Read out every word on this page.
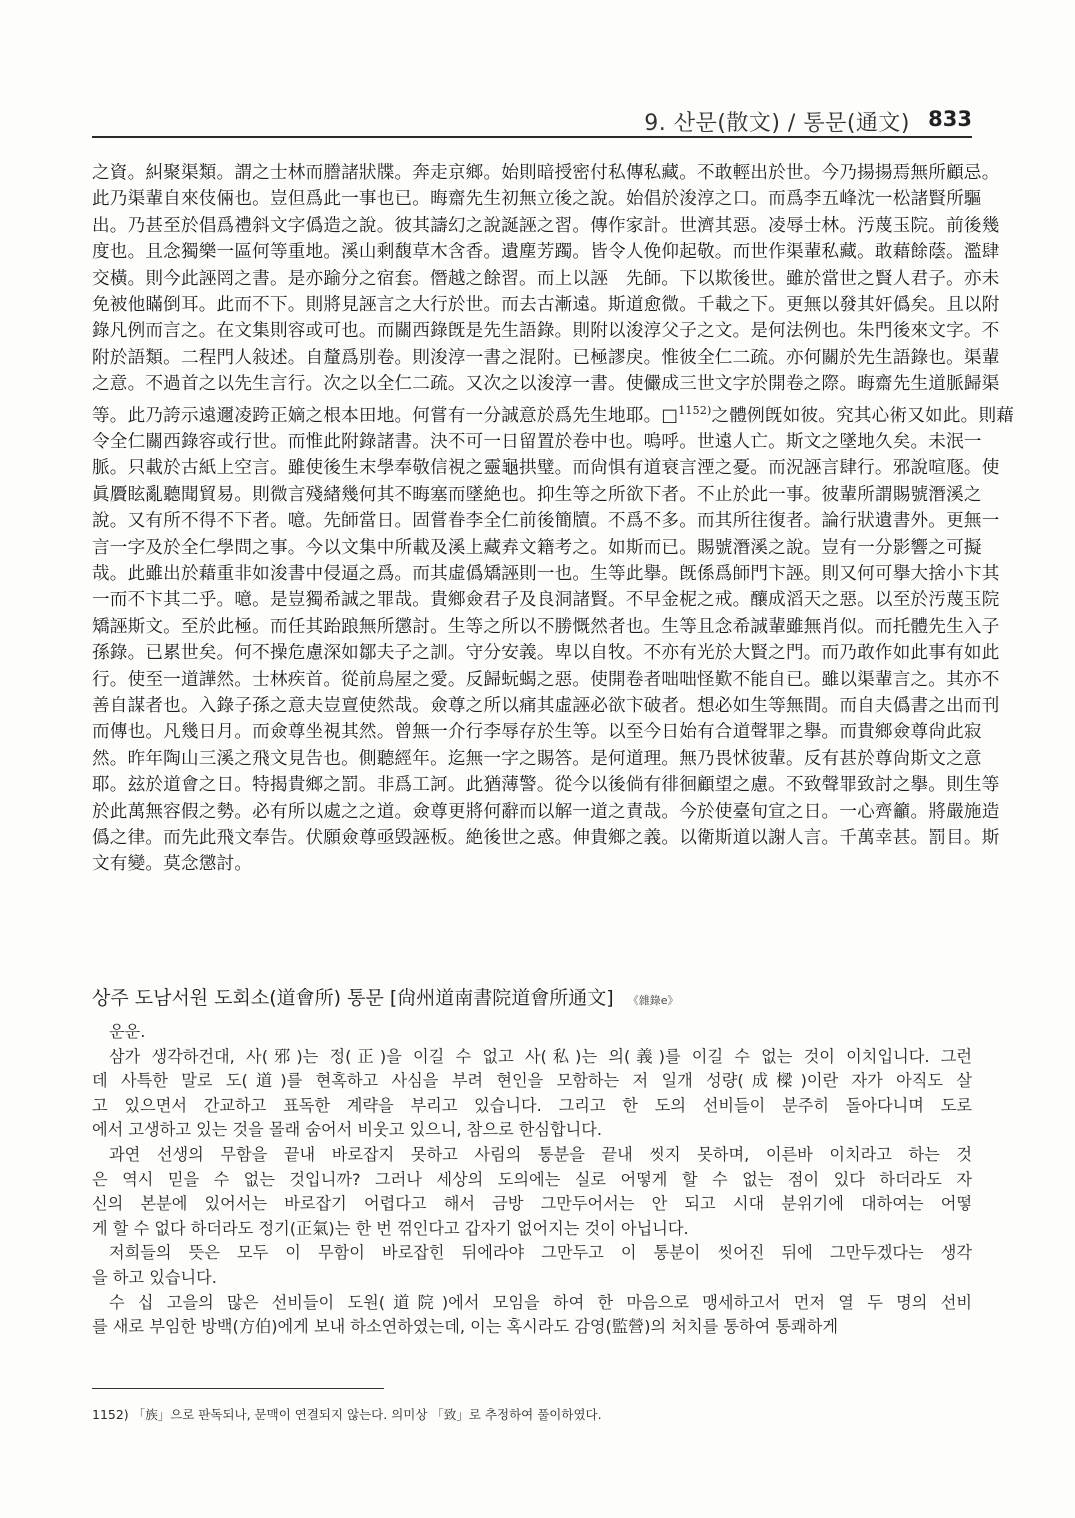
9. 산문(散文) / 통문(通文) 833
之資。糾聚渠類。謂之士林而謄諸狀牒。奔走京鄉。始則暗授密付私傳私藏。不敢輕出於世。今乃揚揚焉無所顧忌。
此乃渠輩自來伎倆也。豈但爲此一事也已。晦齋先生初無立後之說。始倡於浚淳之口。而爲李五峰沈一松諸賢所驅
出。乃甚至於倡爲禮斜文字僞造之說。彼其譸幻之說誕誣之習。傳作家計。世濟其惡。凌辱士林。汚蔑玉院。前後幾
度也。且念獨樂一區何等重地。溪山剩馥草木含香。遺塵芳躅。皆令人俛仰起敬。而世作渠輩私藏。敢藉餘蔭。濫肆
交橫。則今此誣罔之書。是亦踰分之宿套。僭越之餘習。而上以誣　先師。下以欺後世。雖於當世之賢人君子。亦未
免被他瞞倒耳。此而不下。則將見誣言之大行於世。而去古漸遠。斯道愈微。千載之下。更無以發其奸僞矣。且以附
錄凡例而言之。在文集則容或可也。而關西錄旣是先生語錄。則附以浚淳父子之文。是何法例也。朱門後來文字。不
附於語類。二程門人敍述。自釐爲別卷。則浚淳一書之混附。已極謬戾。惟彼全仁二疏。亦何關於先生語錄也。渠輩
之意。不過首之以先生言行。次之以全仁二疏。又次之以浚淳一書。使儼成三世文字於開卷之際。晦齋先生道脈歸渠
等。此乃誇示遠邇凌跨正嫡之根本田地。何嘗有一分誠意於爲先生地耶。□$^{1152)}$之體例旣如彼。究其心術又如此。則藉
令全仁關西錄容或行世。而惟此附錄諸書。決不可一日留置於卷中也。嗚呼。世遠人亡。斯文之墜地久矣。未泯一
脈。只載於古紙上空言。雖使後生末學奉敬信視之靈龜拱璧。而尙惧有道衰言湮之憂。而況誣言肆行。邪說喧豗。使
眞贗眩亂聽聞貿易。則微言殘緖幾何其不晦塞而墜絶也。抑生等之所欲下者。不止於此一事。彼輩所謂賜號潛溪之
說。又有所不得不下者。噫。先師當日。固嘗眷李全仁前後簡牘。不爲不多。而其所往復者。論行狀遺書外。更無一
言一字及於全仁學問之事。今以文集中所載及溪上藏弆文籍考之。如斯而已。賜號潛溪之說。豈有一分影響之可擬
哉。此雖出於藉重非如浚書中侵逼之爲。而其虛僞矯誣則一也。生等此擧。旣係爲師門卞誣。則又何可擧大捨小卞其
一而不卞其二乎。噫。是豈獨希誠之罪哉。貴鄉僉君子及良洞諸賢。不早金柅之戒。釀成滔天之惡。以至於汚蔑玉院
矯誣斯文。至於此極。而任其跆踉無所懲討。生等之所以不勝慨然者也。生等且念希誠輩雖無肖似。而托體先生入子
孫錄。已累世矣。何不操危慮深如鄒夫子之訓。守分安義。卑以自牧。不亦有光於大賢之門。而乃敢作如此事有如此
行。使至一道譁然。士林疾首。從前烏屋之愛。反歸蚖蝎之惡。使開卷者咄咄怪歎不能自已。雖以渠輩言之。其亦不
善自謀者也。入錄子孫之意夫豈亶使然哉。僉尊之所以痛其虛誣必欲卞破者。想必如生等無間。而自夫僞書之出而刊
而傳也。凡幾日月。而僉尊坐視其然。曾無一介行李辱存於生等。以至今日始有合道聲罪之擧。而貴鄉僉尊尙此寂
然。昨年陶山三溪之飛文見告也。側聽經年。迄無一字之賜答。是何道理。無乃畏怵彼輩。反有甚於尊尙斯文之意
耶。玆於道會之日。特揭貴鄉之罰。非爲工訶。此猶薄警。從今以後倘有徘徊顧望之慮。不致聲罪致討之擧。則生等
於此萬無容假之勢。必有所以處之之道。僉尊更將何辭而以解一道之責哉。今於使臺旬宣之日。一心齊籲。將嚴施造
僞之律。而先此飛文奉告。伏願僉尊亟毁誣板。絶後世之惑。伸貴鄉之義。以衛斯道以謝人言。千萬幸甚。罰目。斯
文有變。莫念懲討。
상주 도남서원 도회소(道會所) 통문 [尙州道南書院道會所通文] 《雜錄e》
운운.
삼가 생각하건대, 사(邪)는 정(正)을 이길 수 없고 사(私)는 의(義)를 이길 수 없는 것이 이치입니다. 그런
데 사특한 말로 도(道)를 현혹하고 사심을 부려 현인을 모함하는 저 일개 성량(成樑)이란 자가 아직도 살
고 있으면서 간교하고 표독한 계략을 부리고 있습니다. 그리고 한 도의 선비들이 분주히 돌아다니며 도로
에서 고생하고 있는 것을 몰래 숨어서 비웃고 있으니, 참으로 한심합니다.
과연 선생의 무함을 끝내 바로잡지 못하고 사림의 통분을 끝내 씻지 못하며, 이른바 이치라고 하는 것
은 역시 믿을 수 없는 것입니까? 그러나 세상의 도의에는 실로 어떻게 할 수 없는 점이 있다 하더라도 자
신의 본분에 있어서는 바로잡기 어렵다고 해서 금방 그만두어서는 안 되고 시대 분위기에 대하여는 어떻
게 할 수 없다 하더라도 정기(正氣)는 한 번 꺾인다고 갑자기 없어지는 것이 아닙니다.
저희들의 뜻은 모두 이 무함이 바로잡힌 뒤에라야 그만두고 이 통분이 씻어진 뒤에 그만두겠다는 생각
을 하고 있습니다.
수 십 고을의 많은 선비들이 도원(道院)에서 모임을 하여 한 마음으로 맹세하고서 먼저 열 두 명의 선비
를 새로 부임한 방백(方伯)에게 보내 하소연하였는데, 이는 혹시라도 감영(監營)의 처치를 통하여 통쾌하게
1152) 「族」으로 판독되나, 문맥이 연결되지 않는다. 의미상 「致」로 추정하여 풀이하였다.
